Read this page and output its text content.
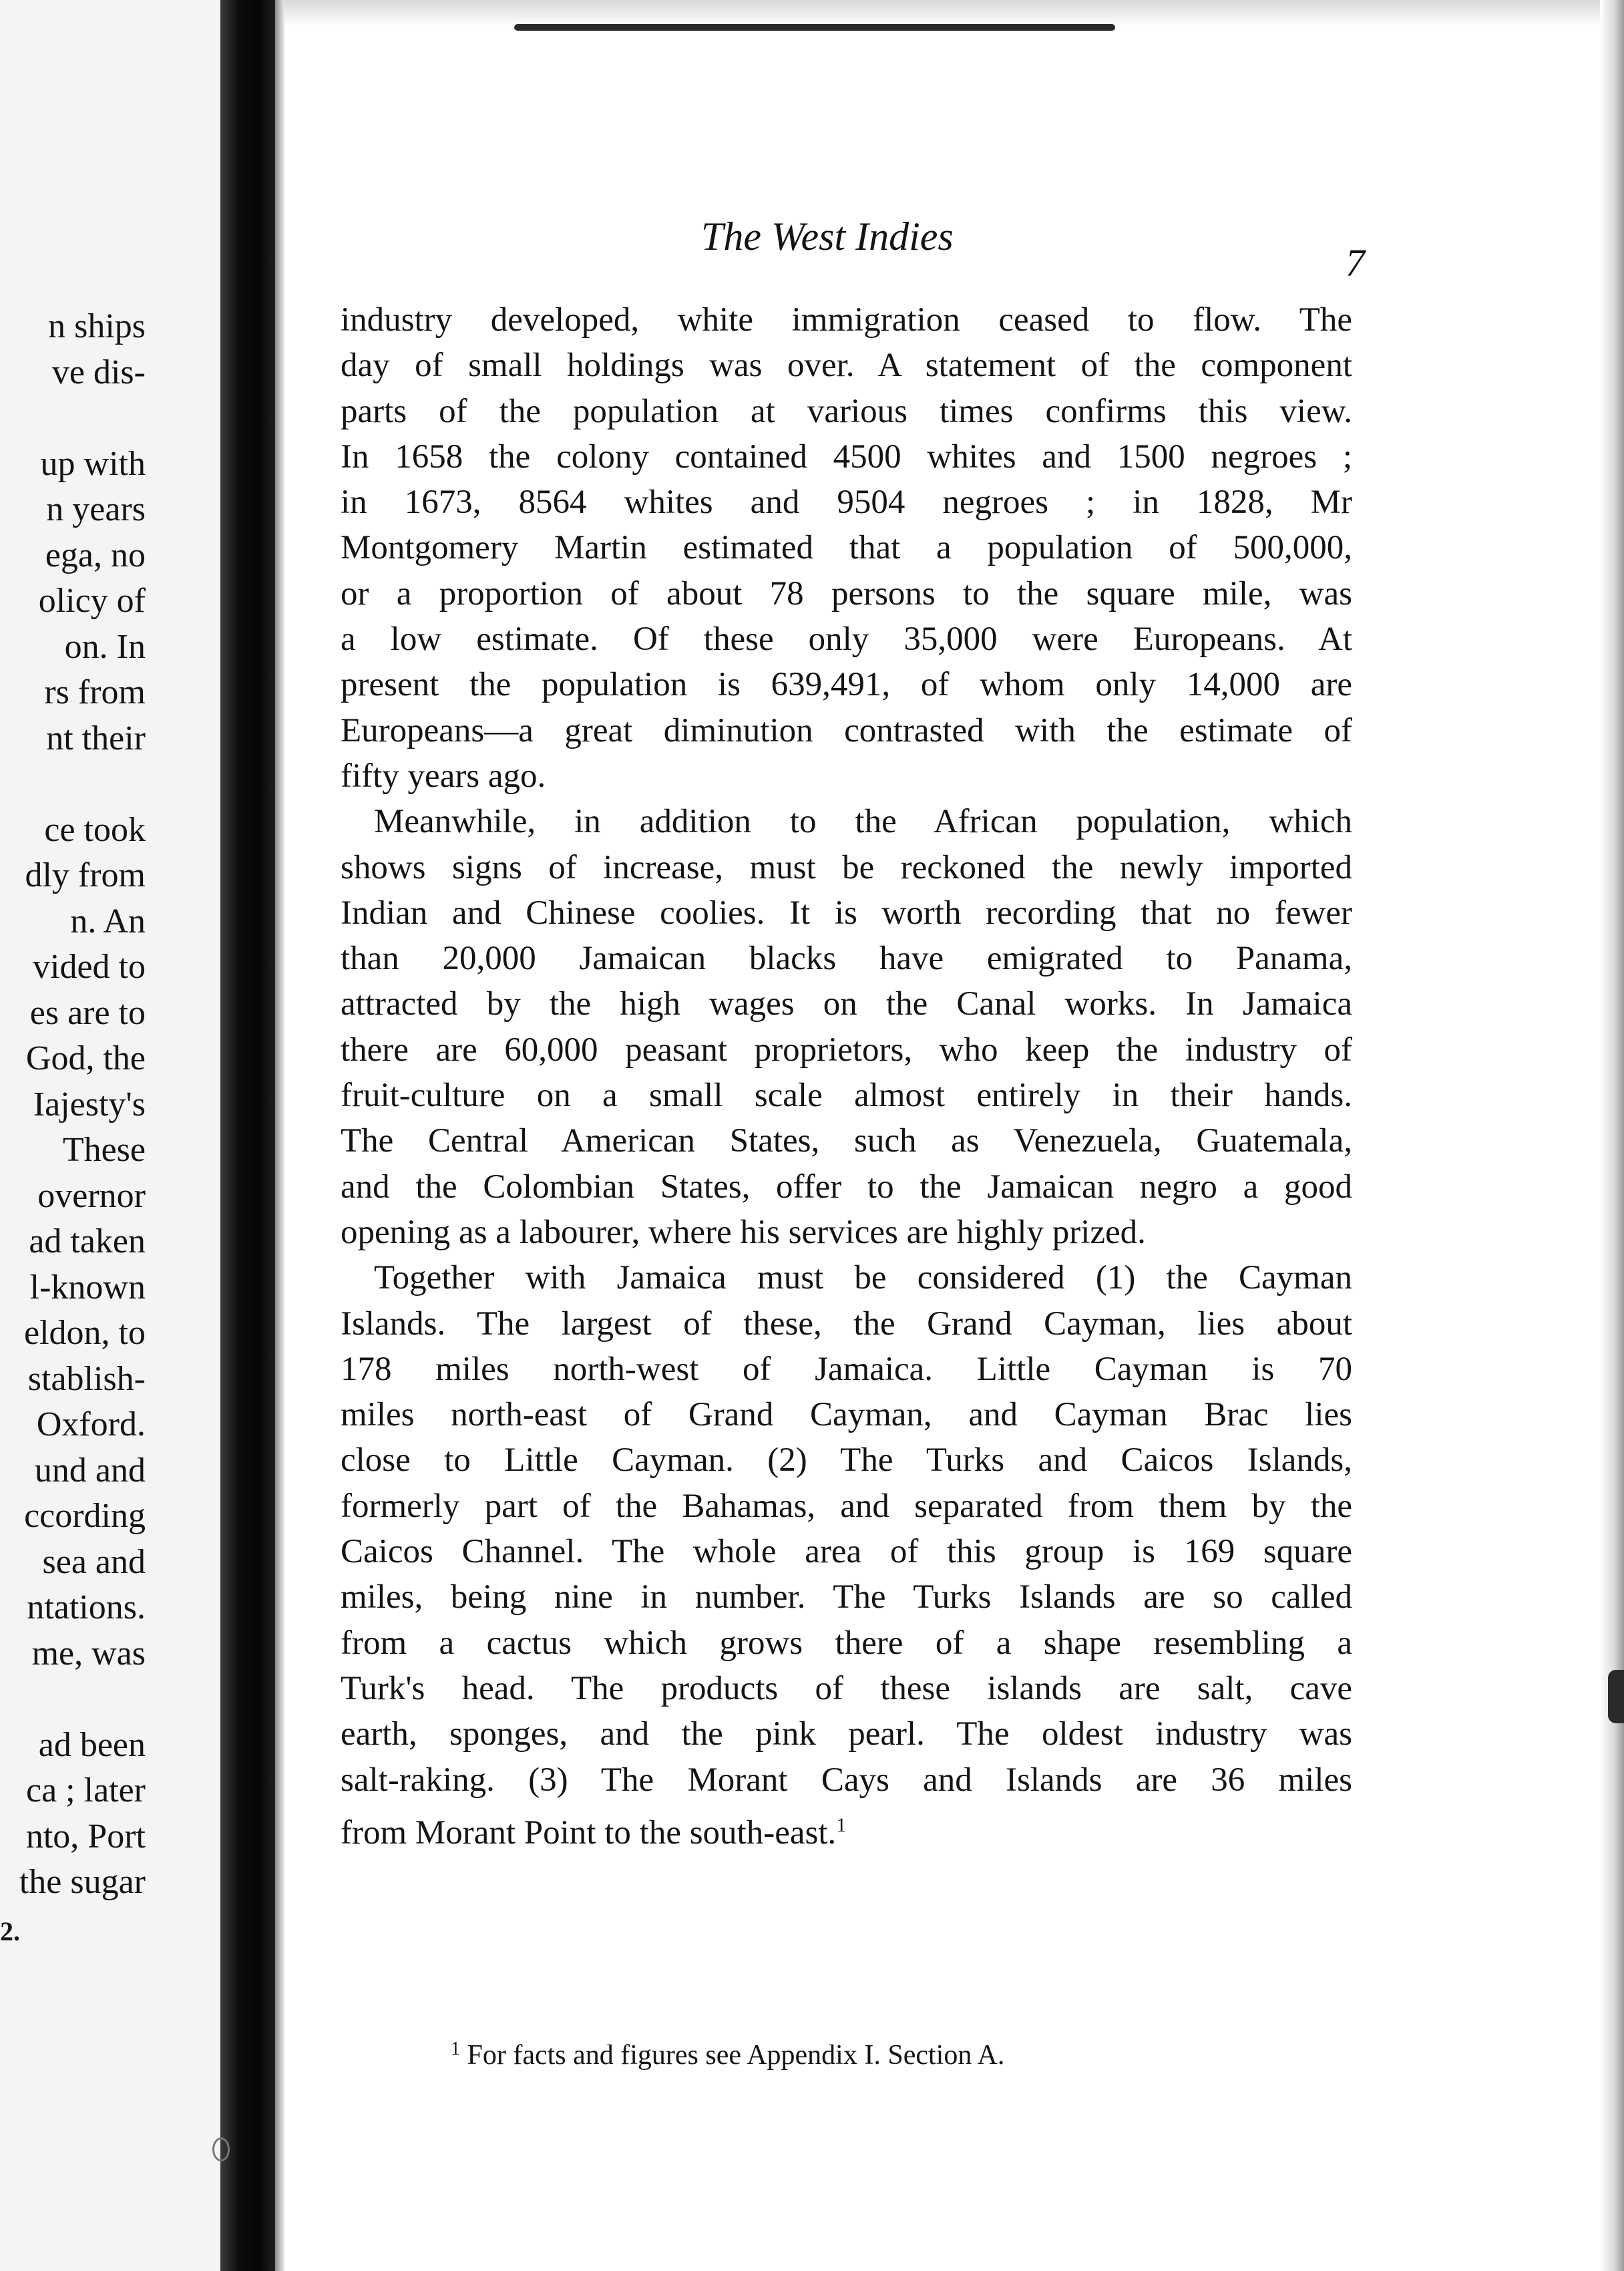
n ships
ve dis-

up with
n years
ega, no
olicy of
on. In
rs from
nt their

ce took
dly from
n. An
vided to
es are to
God, the
Iajesty's
These
overnor
ad taken
l-known
eldon, to
stablish-
Oxford.
und and
ccording
sea and
ntations.
me, was

ad been
ca ; later
nto, Port
the sugar
2.
The West Indies
7
industry developed, white immigration ceased to flow. The
day of small holdings was over. A statement of the component
parts of the population at various times confirms this view.
In 1658 the colony contained 4500 whites and 1500 negroes ;
in 1673, 8564 whites and 9504 negroes ; in 1828, Mr
Montgomery Martin estimated that a population of 500,000,
or a proportion of about 78 persons to the square mile, was
a low estimate. Of these only 35,000 were Europeans. At
present the population is 639,491, of whom only 14,000 are
Europeans—a great diminution contrasted with the estimate of
fifty years ago.
Meanwhile, in addition to the African population, which
shows signs of increase, must be reckoned the newly imported
Indian and Chinese coolies. It is worth recording that no fewer
than 20,000 Jamaican blacks have emigrated to Panama,
attracted by the high wages on the Canal works. In Jamaica
there are 60,000 peasant proprietors, who keep the industry of
fruit-culture on a small scale almost entirely in their hands.
The Central American States, such as Venezuela, Guatemala,
and the Colombian States, offer to the Jamaican negro a good
opening as a labourer, where his services are highly prized.
Together with Jamaica must be considered (1) the Cayman
Islands. The largest of these, the Grand Cayman, lies about
178 miles north-west of Jamaica. Little Cayman is 70
miles north-east of Grand Cayman, and Cayman Brac lies
close to Little Cayman. (2) The Turks and Caicos Islands,
formerly part of the Bahamas, and separated from them by the
Caicos Channel. The whole area of this group is 169 square
miles, being nine in number. The Turks Islands are so called
from a cactus which grows there of a shape resembling a
Turk's head. The products of these islands are salt, cave
earth, sponges, and the pink pearl. The oldest industry was
salt-raking. (3) The Morant Cays and Islands are 36 miles
from Morant Point to the south-east.$^1$
$^1$ For facts and figures see Appendix I. Section A.
